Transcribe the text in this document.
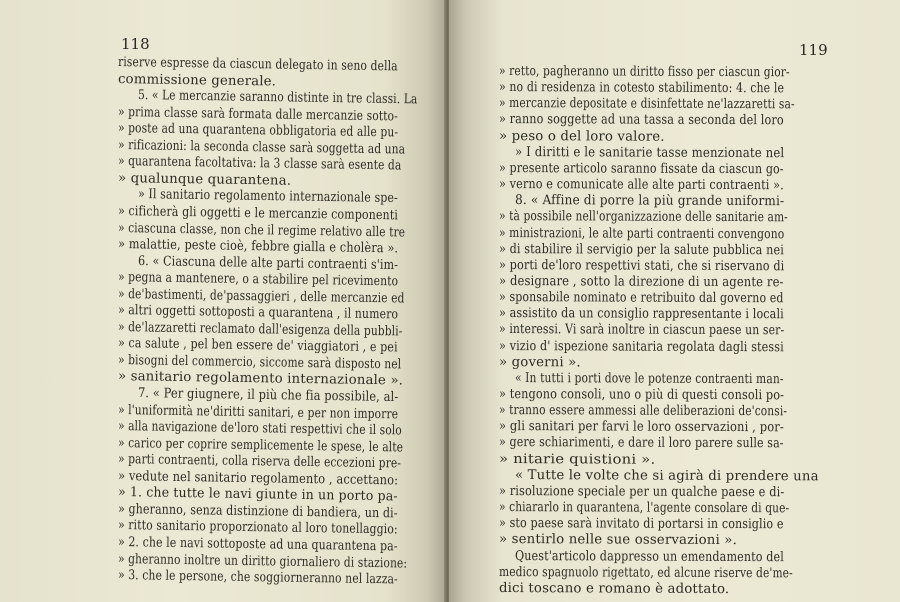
118
riserve espresse da ciascun delegato in seno della
commissione generale.
5. « Le mercanzie saranno distinte in tre classi. La
» prima classe sarà formata dalle mercanzie sotto-
» poste ad una quarantena obbligatoria ed alle pu-
» rificazioni: la seconda classe sarà soggetta ad una
» quarantena facoltativa: la 3 classe sarà esente da
» qualunque quarantena.
» Il sanitario regolamento internazionale spe-
» cificherà gli oggetti e le mercanzie componenti
» ciascuna classe, non che il regime relativo alle tre
» malattie, peste cioè, febbre gialla e cholèra ».
6. « Ciascuna delle alte parti contraenti s'im-
» pegna a mantenere, o a stabilire pel ricevimento
» de'bastimenti, de'passaggieri , delle mercanzie ed
» altri oggetti sottoposti a quarantena , il numero
» de'lazzaretti reclamato dall'esigenza della pubbli-
» ca salute , pel ben essere de' viaggiatori , e pei
» bisogni del commercio, siccome sarà disposto nel
» sanitario regolamento internazionale ».
7. « Per giugnere, il più che fia possibile, al-
» l'uniformità ne'diritti sanitari, e per non imporre
» alla navigazione de'loro stati respettivi che il solo
» carico per coprire semplicemente le spese, le alte
» parti contraenti, colla riserva delle eccezioni pre-
» vedute nel sanitario regolamento , accettano:
» 1. che tutte le navi giunte in un porto pa-
» gheranno, senza distinzione di bandiera, un di-
» ritto sanitario proporzionato al loro tonellaggio:
» 2. che le navi sottoposte ad una quarantena pa-
» gheranno inoltre un diritto giornaliero di stazione:
» 3. che le persone, che soggiorneranno nel lazza-
119
» retto, pagheranno un diritto fisso per ciascun gior-
» no di residenza in cotesto stabilimento: 4. che le
» mercanzie depositate e disinfettate ne'lazzaretti sa-
» ranno soggette ad una tassa a seconda del loro
» peso o del loro valore.
» I diritti e le sanitarie tasse menzionate nel
» presente articolo saranno fissate da ciascun go-
» verno e comunicate alle alte parti contraenti ».
8. « Affine di porre la più grande uniformi-
» tà possibile nell'organizzazione delle sanitarie am-
» ministrazioni, le alte parti contraenti convengono
» di stabilire il servigio per la salute pubblica nei
» porti de'loro respettivi stati, che si riservano di
» designare , sotto la direzione di un agente re-
» sponsabile nominato e retribuito dal governo ed
» assistito da un consiglio rappresentante i locali
» interessi. Vi sarà inoltre in ciascun paese un ser-
» vizio d' ispezione sanitaria regolata dagli stessi
» governi ».
« In tutti i porti dove le potenze contraenti man-
» tengono consoli, uno o più di questi consoli po-
» tranno essere ammessi alle deliberazioni de'consi-
» gli sanitari per farvi le loro osservazioni , por-
» gere schiarimenti, e dare il loro parere sulle sa-
» nitarie quistioni ».
« Tutte le volte che si agirà di prendere una
» risoluzione speciale per un qualche paese e di-
» chiararlo in quarantena, l'agente consolare di que-
» sto paese sarà invitato di portarsi in consiglio e
» sentirlo nelle sue osservazioni ».
Quest'articolo dappresso un emendamento del
medico spagnuolo rigettato, ed alcune riserve de'me-
dici toscano e romano è adottato.
